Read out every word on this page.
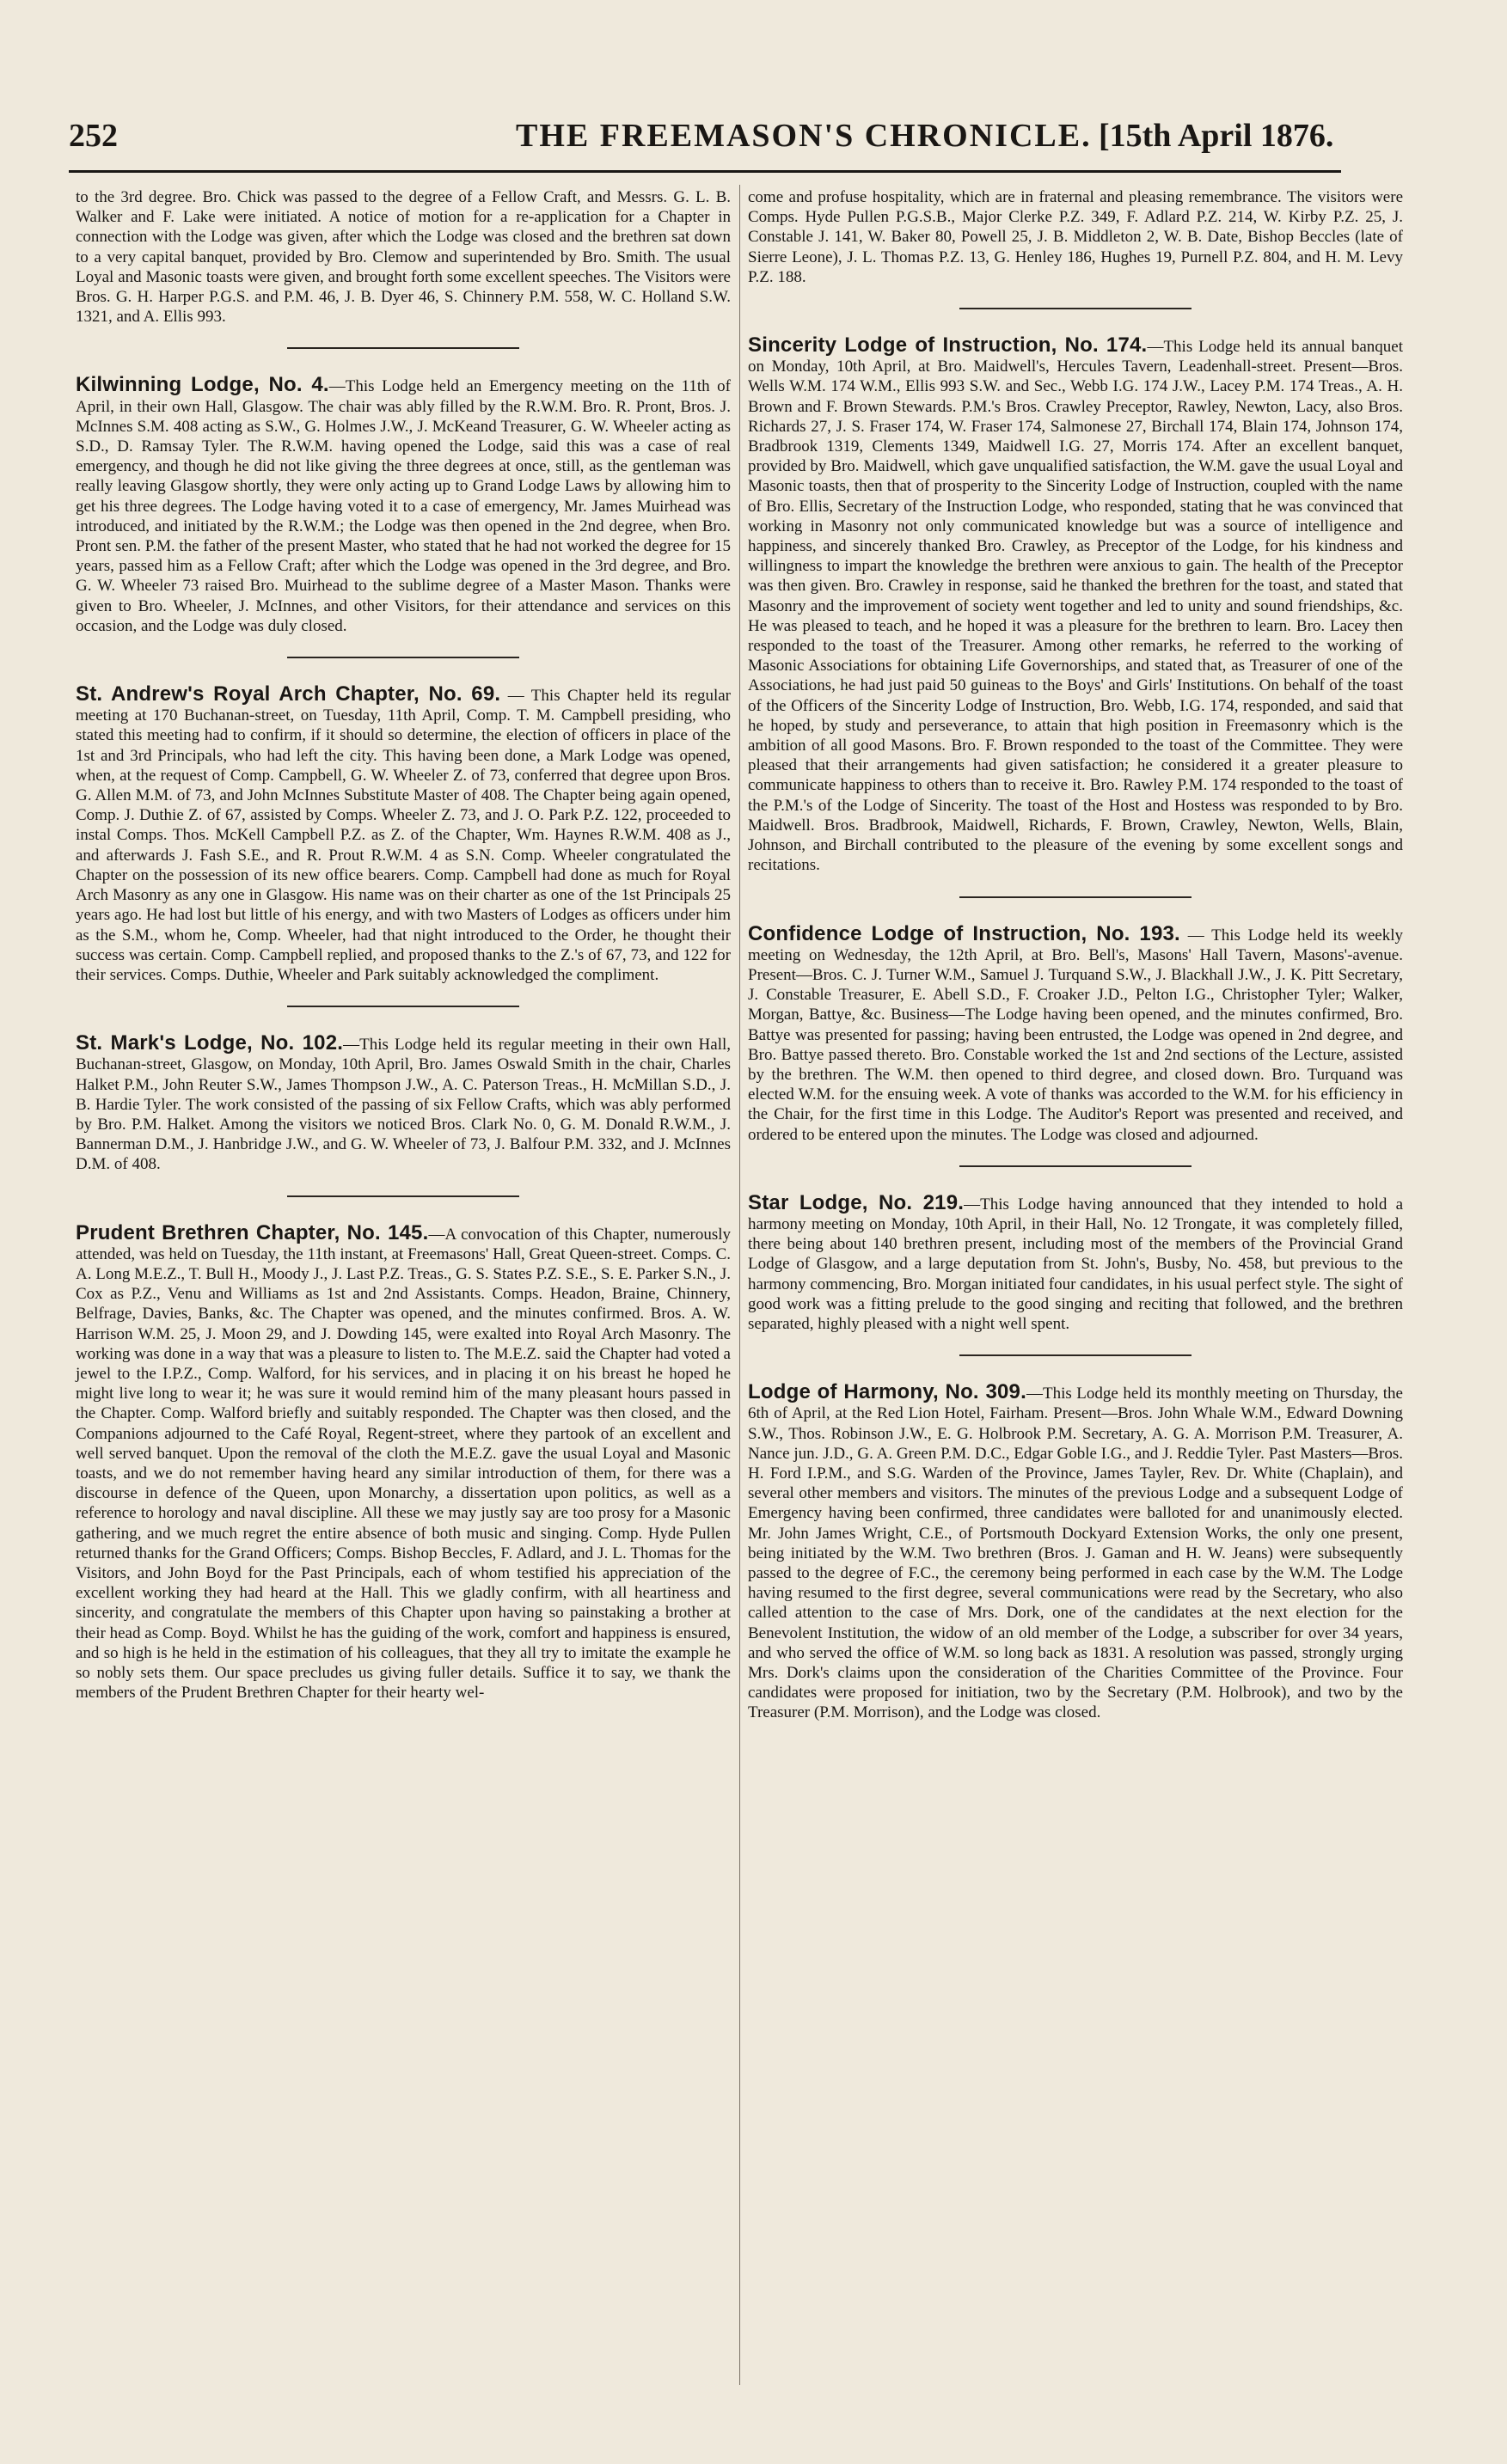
252	THE FREEMASON'S CHRONICLE. [15th April 1876.

to the 3rd degree. Bro. Chick was passed to the degree of a Fellow Craft, and Messrs. G. L. B. Walker and F. Lake were initiated. A notice of motion for a re-application for a Chapter in connection with the Lodge was given, after which the Lodge was closed and the brethren sat down to a very capital banquet, provided by Bro. Clemow and superintended by Bro. Smith. The usual Loyal and Masonic toasts were given, and brought forth some excellent speeches. The Visitors were Bros. G. H. Harper P.G.S. and P.M. 46, J. B. Dyer 46, S. Chinnery P.M. 558, W. C. Holland S.W. 1321, and A. Ellis 993.

Kilwinning Lodge, No. 4.—This Lodge held an Emergency meeting on the 11th of April, in their own Hall, Glasgow. The chair was ably filled by the R.W.M. Bro. R. Pront, Bros. J. McInnes S.M. 408 acting as S.W., G. Holmes J.W., J. McKeand Treasurer, G. W. Wheeler acting as S.D., D. Ramsay Tyler. The R.W.M. having opened the Lodge, said this was a case of real emergency, and though he did not like giving the three degrees at once, still, as the gentleman was really leaving Glasgow shortly, they were only acting up to Grand Lodge Laws by allowing him to get his three degrees. The Lodge having voted it to a case of emergency, Mr. James Muirhead was introduced, and initiated by the R.W.M.; the Lodge was then opened in the 2nd degree, when Bro. Pront sen. P.M. the father of the present Master, who stated that he had not worked the degree for 15 years, passed him as a Fellow Craft; after which the Lodge was opened in the 3rd degree, and Bro. G. W. Wheeler 73 raised Bro. Muirhead to the sublime degree of a Master Mason. Thanks were given to Bro. Wheeler, J. McInnes, and other Visitors, for their attendance and services on this occasion, and the Lodge was duly closed.

St. Andrew's Royal Arch Chapter, No. 69. — This Chapter held its regular meeting at 170 Buchanan-street, on Tuesday, 11th April, Comp. T. M. Campbell presiding, who stated this meeting had to confirm, if it should so determine, the election of officers in place of the 1st and 3rd Principals, who had left the city. This having been done, a Mark Lodge was opened, when, at the request of Comp. Campbell, G. W. Wheeler Z. of 73, conferred that degree upon Bros. G. Allen M.M. of 73, and John McInnes Substitute Master of 408. The Chapter being again opened, Comp. J. Duthie Z. of 67, assisted by Comps. Wheeler Z. 73, and J. O. Park P.Z. 122, proceeded to instal Comps. Thos. McKell Campbell P.Z. as Z. of the Chapter, Wm. Haynes R.W.M. 408 as J., and afterwards J. Fash S.E., and R. Prout R.W.M. 4 as S.N. Comp. Wheeler congratulated the Chapter on the possession of its new office bearers. Comp. Campbell had done as much for Royal Arch Masonry as any one in Glasgow. His name was on their charter as one of the 1st Principals 25 years ago. He had lost but little of his energy, and with two Masters of Lodges as officers under him as the S.M., whom he, Comp. Wheeler, had that night introduced to the Order, he thought their success was certain. Comp. Campbell replied, and proposed thanks to the Z.'s of 67, 73, and 122 for their services. Comps. Duthie, Wheeler and Park suitably acknowledged the compliment.

St. Mark's Lodge, No. 102.—This Lodge held its regular meeting in their own Hall, Buchanan-street, Glasgow, on Monday, 10th April, Bro. James Oswald Smith in the chair, Charles Halket P.M., John Reuter S.W., James Thompson J.W., A. C. Paterson Treas., H. McMillan S.D., J. B. Hardie Tyler. The work consisted of the passing of six Fellow Crafts, which was ably performed by Bro. P.M. Halket. Among the visitors we noticed Bros. Clark No. 0, G. M. Donald R.W.M., J. Bannerman D.M., J. Hanbridge J.W., and G. W. Wheeler of 73, J. Balfour P.M. 332, and J. McInnes D.M. of 408.

Prudent Brethren Chapter, No. 145.—A convocation of this Chapter, numerously attended, was held on Tuesday, the 11th instant, at Freemasons' Hall, Great Queen-street. Comps. C. A. Long M.E.Z., T. Bull H., Moody J., J. Last P.Z. Treas., G. S. States P.Z. S.E., S. E. Parker S.N., J. Cox as P.Z., Venu and Williams as 1st and 2nd Assistants. Comps. Headon, Braine, Chinnery, Belfrage, Davies, Banks, &c. The Chapter was opened, and the minutes confirmed. Bros. A. W. Harrison W.M. 25, J. Moon 29, and J. Dowding 145, were exalted into Royal Arch Masonry. The working was done in a way that was a pleasure to listen to. The M.E.Z. said the Chapter had voted a jewel to the I.P.Z., Comp. Walford, for his services, and in placing it on his breast he hoped he might live long to wear it; he was sure it would remind him of the many pleasant hours passed in the Chapter. Comp. Walford briefly and suitably responded. The Chapter was then closed, and the Companions adjourned to the Café Royal, Regent-street, where they partook of an excellent and well served banquet. Upon the removal of the cloth the M.E.Z. gave the usual Loyal and Masonic toasts, and we do not remember having heard any similar introduction of them, for there was a discourse in defence of the Queen, upon Monarchy, a dissertation upon politics, as well as a reference to horology and naval discipline. All these we may justly say are too prosy for a Masonic gathering, and we much regret the entire absence of both music and singing. Comp. Hyde Pullen returned thanks for the Grand Officers; Comps. Bishop Beccles, F. Adlard, and J. L. Thomas for the Visitors, and John Boyd for the Past Principals, each of whom testified his appreciation of the excellent working they had heard at the Hall. This we gladly confirm, with all heartiness and sincerity, and congratulate the members of this Chapter upon having so painstaking a brother at their head as Comp. Boyd. Whilst he has the guiding of the work, comfort and happiness is ensured, and so high is he held in the estimation of his colleagues, that they all try to imitate the example he so nobly sets them. Our space precludes us giving fuller details. Suffice it to say, we thank the members of the Prudent Brethren Chapter for their hearty wel-

come and profuse hospitality, which are in fraternal and pleasing remembrance. The visitors were Comps. Hyde Pullen P.G.S.B., Major Clerke P.Z. 349, F. Adlard P.Z. 214, W. Kirby P.Z. 25, J. Constable J. 141, W. Baker 80, Powell 25, J. B. Middleton 2, W. B. Date, Bishop Beccles (late of Sierre Leone), J. L. Thomas P.Z. 13, G. Henley 186, Hughes 19, Purnell P.Z. 804, and H. M. Levy P.Z. 188.

Sincerity Lodge of Instruction, No. 174.—This Lodge held its annual banquet on Monday, 10th April, at Bro. Maidwell's, Hercules Tavern, Leadenhall-street. Present—Bros. Wells W.M. 174 W.M., Ellis 993 S.W. and Sec., Webb I.G. 174 J.W., Lacey P.M. 174 Treas., A. H. Brown and F. Brown Stewards. P.M.'s Bros. Crawley Preceptor, Rawley, Newton, Lacy, also Bros. Richards 27, J. S. Fraser 174, W. Fraser 174, Salmonese 27, Birchall 174, Blain 174, Johnson 174, Bradbrook 1319, Clements 1349, Maidwell I.G. 27, Morris 174. After an excellent banquet, provided by Bro. Maidwell, which gave unqualified satisfaction, the W.M. gave the usual Loyal and Masonic toasts, then that of prosperity to the Sincerity Lodge of Instruction, coupled with the name of Bro. Ellis, Secretary of the Instruction Lodge, who responded, stating that he was convinced that working in Masonry not only communicated knowledge but was a source of intelligence and happiness, and sincerely thanked Bro. Crawley, as Preceptor of the Lodge, for his kindness and willingness to impart the knowledge the brethren were anxious to gain. The health of the Preceptor was then given. Bro. Crawley in response, said he thanked the brethren for the toast, and stated that Masonry and the improvement of society went together and led to unity and sound friendships, &c. He was pleased to teach, and he hoped it was a pleasure for the brethren to learn. Bro. Lacey then responded to the toast of the Treasurer. Among other remarks, he referred to the working of Masonic Associations for obtaining Life Governorships, and stated that, as Treasurer of one of the Associations, he had just paid 50 guineas to the Boys' and Girls' Institutions. On behalf of the toast of the Officers of the Sincerity Lodge of Instruction, Bro. Webb, I.G. 174, responded, and said that he hoped, by study and perseverance, to attain that high position in Freemasonry which is the ambition of all good Masons. Bro. F. Brown responded to the toast of the Committee. They were pleased that their arrangements had given satisfaction; he considered it a greater pleasure to communicate happiness to others than to receive it. Bro. Rawley P.M. 174 responded to the toast of the P.M.'s of the Lodge of Sincerity. The toast of the Host and Hostess was responded to by Bro. Maidwell. Bros. Bradbrook, Maidwell, Richards, F. Brown, Crawley, Newton, Wells, Blain, Johnson, and Birchall contributed to the pleasure of the evening by some excellent songs and recitations.

Confidence Lodge of Instruction, No. 193. — This Lodge held its weekly meeting on Wednesday, the 12th April, at Bro. Bell's, Masons' Hall Tavern, Masons'-avenue. Present—Bros. C. J. Turner W.M., Samuel J. Turquand S.W., J. Blackhall J.W., J. K. Pitt Secretary, J. Constable Treasurer, E. Abell S.D., F. Croaker J.D., Pelton I.G., Christopher Tyler; Walker, Morgan, Battye, &c. Business—The Lodge having been opened, and the minutes confirmed, Bro. Battye was presented for passing; having been entrusted, the Lodge was opened in 2nd degree, and Bro. Battye passed thereto. Bro. Constable worked the 1st and 2nd sections of the Lecture, assisted by the brethren. The W.M. then opened to third degree, and closed down. Bro. Turquand was elected W.M. for the ensuing week. A vote of thanks was accorded to the W.M. for his efficiency in the Chair, for the first time in this Lodge. The Auditor's Report was presented and received, and ordered to be entered upon the minutes. The Lodge was closed and adjourned.

Star Lodge, No. 219.—This Lodge having announced that they intended to hold a harmony meeting on Monday, 10th April, in their Hall, No. 12 Trongate, it was completely filled, there being about 140 brethren present, including most of the members of the Provincial Grand Lodge of Glasgow, and a large deputation from St. John's, Busby, No. 458, but previous to the harmony commencing, Bro. Morgan initiated four candidates, in his usual perfect style. The sight of good work was a fitting prelude to the good singing and reciting that followed, and the brethren separated, highly pleased with a night well spent.

Lodge of Harmony, No. 309.—This Lodge held its monthly meeting on Thursday, the 6th of April, at the Red Lion Hotel, Fairham. Present—Bros. John Whale W.M., Edward Downing S.W., Thos. Robinson J.W., E. G. Holbrook P.M. Secretary, A. G. A. Morrison P.M. Treasurer, A. Nance jun. J.D., G. A. Green P.M. D.C., Edgar Goble I.G., and J. Reddie Tyler. Past Masters—Bros. H. Ford I.P.M., and S.G. Warden of the Province, James Tayler, Rev. Dr. White (Chaplain), and several other members and visitors. The minutes of the previous Lodge and a subsequent Lodge of Emergency having been confirmed, three candidates were balloted for and unanimously elected. Mr. John James Wright, C.E., of Portsmouth Dockyard Extension Works, the only one present, being initiated by the W.M. Two brethren (Bros. J. Gaman and H. W. Jeans) were subsequently passed to the degree of F.C., the ceremony being performed in each case by the W.M. The Lodge having resumed to the first degree, several communications were read by the Secretary, who also called attention to the case of Mrs. Dork, one of the candidates at the next election for the Benevolent Institution, the widow of an old member of the Lodge, a subscriber for over 34 years, and who served the office of W.M. so long back as 1831. A resolution was passed, strongly urging Mrs. Dork's claims upon the consideration of the Charities Committee of the Province. Four candidates were proposed for initiation, two by the Secretary (P.M. Holbrook), and two by the Treasurer (P.M. Morrison), and the Lodge was closed.
